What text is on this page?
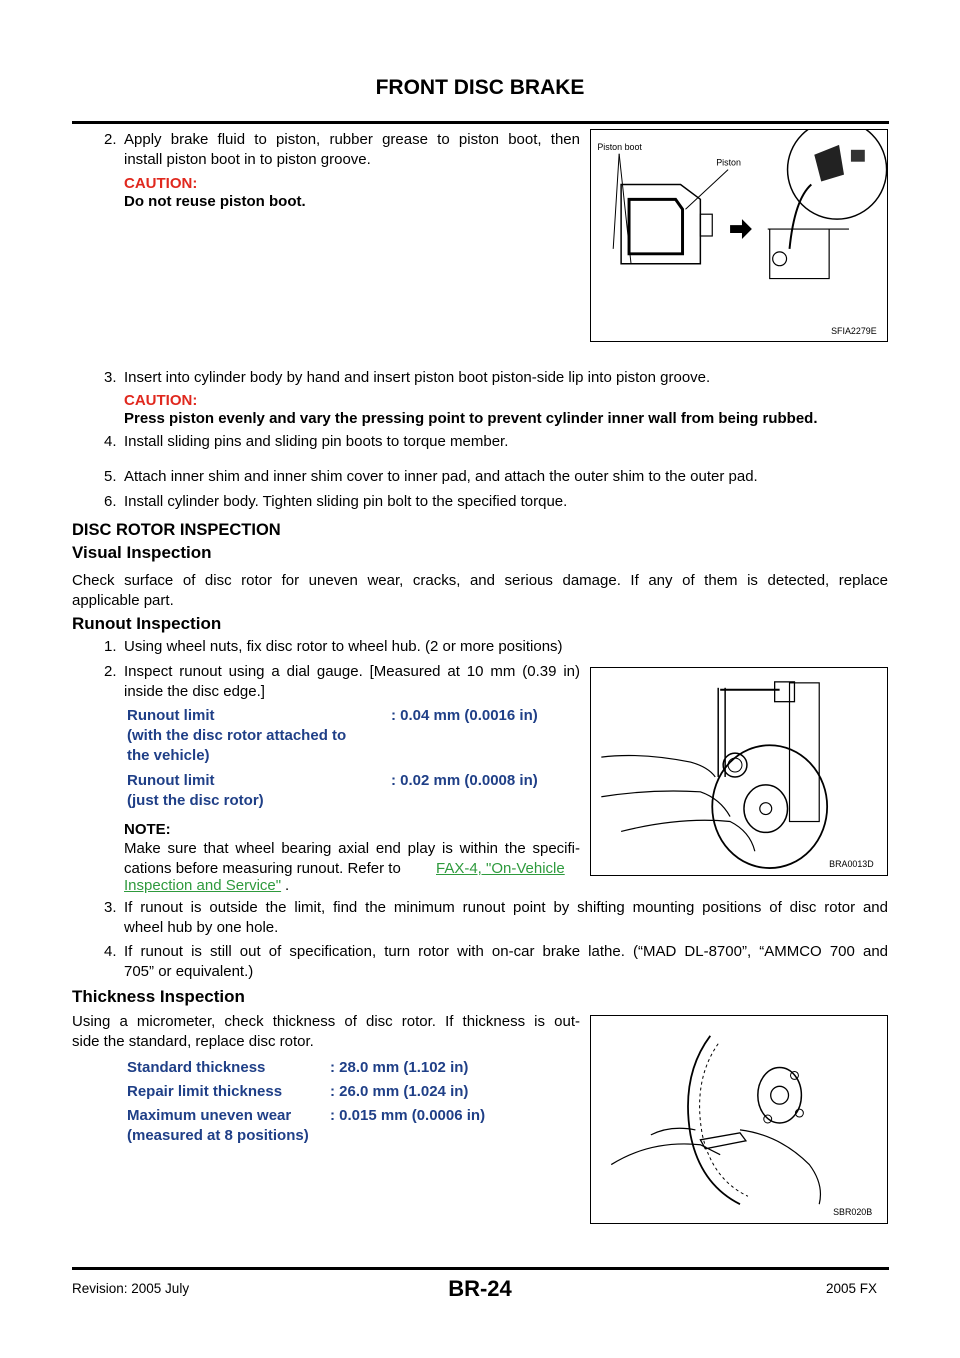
FRONT DISC BRAKE
2. Apply brake fluid to piston, rubber grease to piston boot, then
install piston boot in to piston groove.
CAUTION:
Do not reuse piston boot.
Piston boot
Piston
SFIA2279E
3. Insert into cylinder body by hand and insert piston boot piston-side lip into piston groove.
CAUTION:
Press piston evenly and vary the pressing point to prevent cylinder inner wall from being rubbed.
4. Install sliding pins and sliding pin boots to torque member.
5. Attach inner shim and inner shim cover to inner pad, and attach the outer shim to the outer pad.
6. Install cylinder body. Tighten sliding pin bolt to the specified torque.
DISC ROTOR INSPECTION
Visual Inspection
Check surface of disc rotor for uneven wear, cracks, and serious damage. If any of them is detected, replace
applicable part.
Runout Inspection
1. Using wheel nuts, fix disc rotor to wheel hub. (2 or more positions)
2. Inspect runout using a dial gauge. [Measured at 10 mm (0.39 in)
inside the disc edge.]
Runout limit
(with the disc rotor attached to
the vehicle)
: 0.04 mm (0.0016 in)
Runout limit
(just the disc rotor)
: 0.02 mm (0.0008 in)
NOTE:
Make sure that wheel bearing axial end play is within the specifi-
cations before measuring runout. Refer to FAX-4, "On-Vehicle
Inspection and Service" .
BRA0013D
3. If runout is outside the limit, find the minimum runout point by shifting mounting positions of disc rotor and
wheel hub by one hole.
4. If runout is still out of specification, turn rotor with on-car brake lathe. (“MAD DL-8700”, “AMMCO 700 and
705” or equivalent.)
Thickness Inspection
Using a micrometer, check thickness of disc rotor. If thickness is out-
side the standard, replace disc rotor.
Standard thickness	: 28.0 mm (1.102 in)
Repair limit thickness	: 26.0 mm (1.024 in)
Maximum uneven wear
(measured at 8 positions)
: 0.015 mm (0.0006 in)
SBR020B
Revision: 2005 July	BR-24	2005 FX
